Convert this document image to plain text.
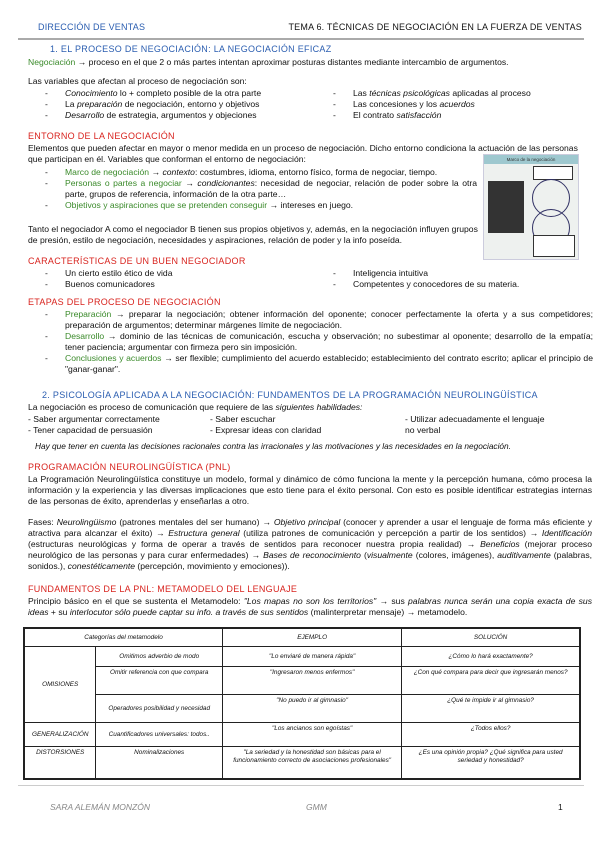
DIRECCIÓN DE VENTAS	TEMA 6. TÉCNICAS DE NEGOCIACIÓN EN LA FUERZA DE VENTAS
1. EL PROCESO DE NEGOCIACIÓN: LA NEGOCIACIÓN EFICAZ
Negociación → proceso en el que 2 o más partes intentan aproximar posturas distantes mediante intercambio de argumentos.
Las variables que afectan al proceso de negociación son:
- Conocimiento lo + completo posible de la otra parte
- La preparación de negociación, entorno y objetivos
- Desarrollo de estrategia, argumentos y objeciones
- Las técnicas psicológicas aplicadas al proceso
- Las concesiones y los acuerdos
- El contrato satisfacción
ENTORNO DE LA NEGOCIACIÓN
Elementos que pueden afectar en mayor o menor medida en un proceso de negociación. Dicho entorno condiciona la actuación de las personas que participan en él. Variables que conforman el entorno de negociación:
- Marco de negociación → contexto: costumbres, idioma, entorno físico, forma de negociar, tiempo.
- Personas o partes a negociar → condicionantes: necesidad de negociar, relación de poder sobre la otra parte, grupos de referencia, información de la otra parte…
- Objetivos y aspiraciones que se pretenden conseguir → intereses en juego.
Tanto el negociador A como el negociador B tienen sus propios objetivos y, además, en la negociación influyen grupos de presión, estilo de negociación, necesidades y aspiraciones, relación de poder y la info poseída.
Marco de la negociación
CARACTERÍSTICAS DE UN BUEN NEGOCIADOR
- Un cierto estilo ético de vida
- Buenos comunicadores
- Inteligencia intuitiva
- Competentes y conocedores de su materia.
ETAPAS DEL PROCESO DE NEGOCIACIÓN
- Preparación → preparar la negociación; obtener información del oponente; conocer perfectamente la oferta y a sus competidores; preparación de argumentos; determinar márgenes límite de negociación.
- Desarrollo → dominio de las técnicas de comunicación, escucha y observación; no subestimar al oponente; desarrollo de la empatía; tener paciencia; argumentar con firmeza pero sin imposición.
- Conclusiones y acuerdos → ser flexible; cumplimiento del acuerdo establecido; establecimiento del contrato escrito; aplicar el principio de "ganar-ganar".
2. PSICOLOGÍA APLICADA A LA NEGOCIACIÓN: FUNDAMENTOS DE LA PROGRAMACIÓN NEUROLINGÜÍSTICA
La negociación es proceso de comunicación que requiere de las siguientes habilidades:
- Saber argumentar correctamente
- Tener capacidad de persuasión
- Saber escuchar
- Expresar ideas con claridad
- Utilizar adecuadamente el lenguaje
no verbal
Hay que tener en cuenta las decisiones racionales contra las irracionales y las motivaciones y las necesidades en la negociación.
PROGRAMACIÓN NEUROLINGÜÍSTICA (PNL)
La Programación Neurolingüística constituye un modelo, formal y dinámico de cómo funciona la mente y la percepción humana, cómo procesa la información y la experiencia y las diversas implicaciones que esto tiene para el éxito personal. Con esto es posible identificar estrategias internas de las personas de éxito, aprenderlas y enseñarlas a otro.
Fases: Neurolingüismo (patrones mentales del ser humano) → Objetivo principal (conocer y aprender a usar el lenguaje de forma más eficiente y atractiva para alcanzar el éxito) → Estructura general (utiliza patrones de comunicación y percepción a partir de los sentidos) → Identificación (estructuras neurológicas y forma de operar a través de sentidos para reconocer nuestra propia realidad) → Beneficios (mejorar proceso neurológico de las personas y para curar enfermedades) → Bases de reconocimiento (visualmente (colores, imágenes), auditivamente (palabras, sonidos.), conestéticamente (percepción, movimiento y emociones)).
FUNDAMENTOS DE LA PNL: METAMODELO DEL LENGUAJE
Principio básico en el que se sustenta el Metamodelo: "Los mapas no son los territorios" → sus palabras nunca serán una copia exacta de sus ideas + su interlocutor sólo puede captar su info. a través de sus sentidos (malinterpretar mensaje) → metamodelo.
Categorías del metamodelo		EJEMPLO	SOLUCIÓN
OMISIONES	Omitimos adverbio de modo	"Lo enviaré de manera rápida"	¿Cómo lo hará exactamente?
	Omitir referencia con que compara	"Ingresaron menos enfermos"	¿Con qué compara para decir que ingresarán menos?
	Operadores posibilidad y necesidad	"No puedo ir al gimnasio"	¿Qué te impide ir al gimnasio?
GENERALIZACIÓN	Cuantificadores universales: todos..	"Los ancianos son egoístas"	¿Todos ellos?
DISTORSIONES	Nominalizaciones	"La seriedad y la honestidad son básicas para el funcionamiento correcto de asociaciones profesionales"	¿Es una opinión propia? ¿Qué significa para usted seriedad y honestidad?
SARA ALEMÁN MONZÓN	GMM	1
